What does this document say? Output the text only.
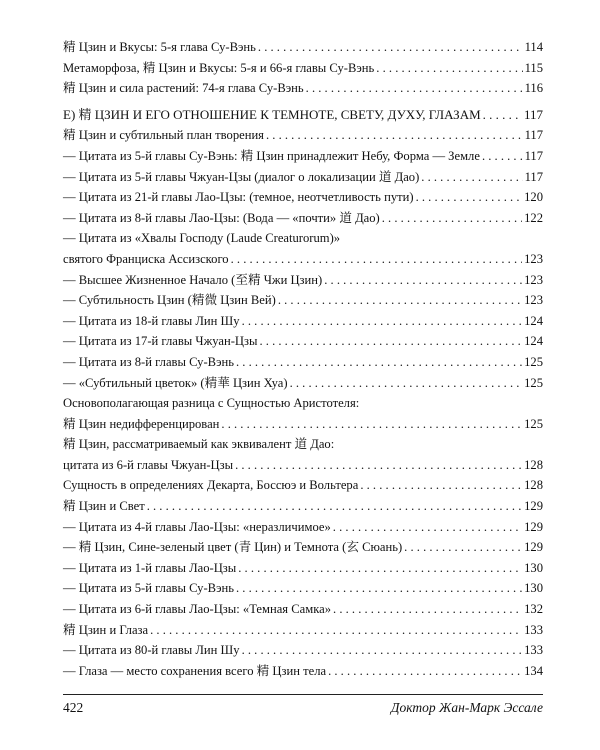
精 Цзин и Вкусы: 5-я глава Су-Вэнь . . .	114
Метаморфоза, 精 Цзин и Вкусы: 5-я и 66-я главы Су-Вэнь . . .	115
精 Цзин и сила растений: 74-я глава Су-Вэнь . . .	116
E) 精 ЦЗИН И ЕГО ОТНОШЕНИЕ К ТЕМНОТЕ, СВЕТУ, ДУХУ, ГЛАЗАМ . . .	117
精 Цзин и субтильный план творения . . .	117
— Цитата из 5-й главы Су-Вэнь: 精 Цзин принадлежит Небу, Форма — Земле . . .	117
— Цитата из 5-й главы Чжуан-Цзы (диалог о локализации 道 Дао) . . .	117
— Цитата из 21-й главы Лао-Цзы: (темное, неотчетливость пути) . . .	120
— Цитата из 8-й главы Лао-Цзы: (Вода — «почти» 道 Дао) . . .	122
— Цитата из «Хвалы Господу (Laude Creaturorum)»
святого Франциска Ассизского . . .	123
— Высшее Жизненное Начало (至精 Чжи Цзин) . . .	123
— Субтильность Цзин (精微 Цзин Вей) . . .	123
— Цитата из 18-й главы Лин Шу . . .	124
— Цитата из 17-й главы Чжуан-Цзы . . .	124
— Цитата из 8-й главы Су-Вэнь . . .	125
— «Субтильный цветок» (精華 Цзин Хуа) . . .	125
Основополагающая разница с Сущностью Аристотеля:
精 Цзин недифференцирован . . .	125
精 Цзин, рассматриваемый как эквивалент 道 Дао:
цитата из 6-й главы Чжуан-Цзы . . .	128
Сущность в определениях Декарта, Боссюэ и Вольтера . . .	128
精 Цзин и Свет . . .	129
— Цитата из 4-й главы Лао-Цзы: «неразличимое» . . .	129
— 精 Цзин, Сине-зеленый цвет (青 Цин) и Темнота (玄 Сюань) . . .	129
— Цитата из 1-й главы Лао-Цзы . . .	130
— Цитата из 5-й главы Су-Вэнь . . .	130
— Цитата из 6-й главы Лао-Цзы: «Темная Самка» . . .	132
精 Цзин и Глаза . . .	133
— Цитата из 80-й главы Лин Шу . . .	133
— Глаза — место сохранения всего 精 Цзин тела . . .	134
422	Доктор Жан-Марк Эссале
